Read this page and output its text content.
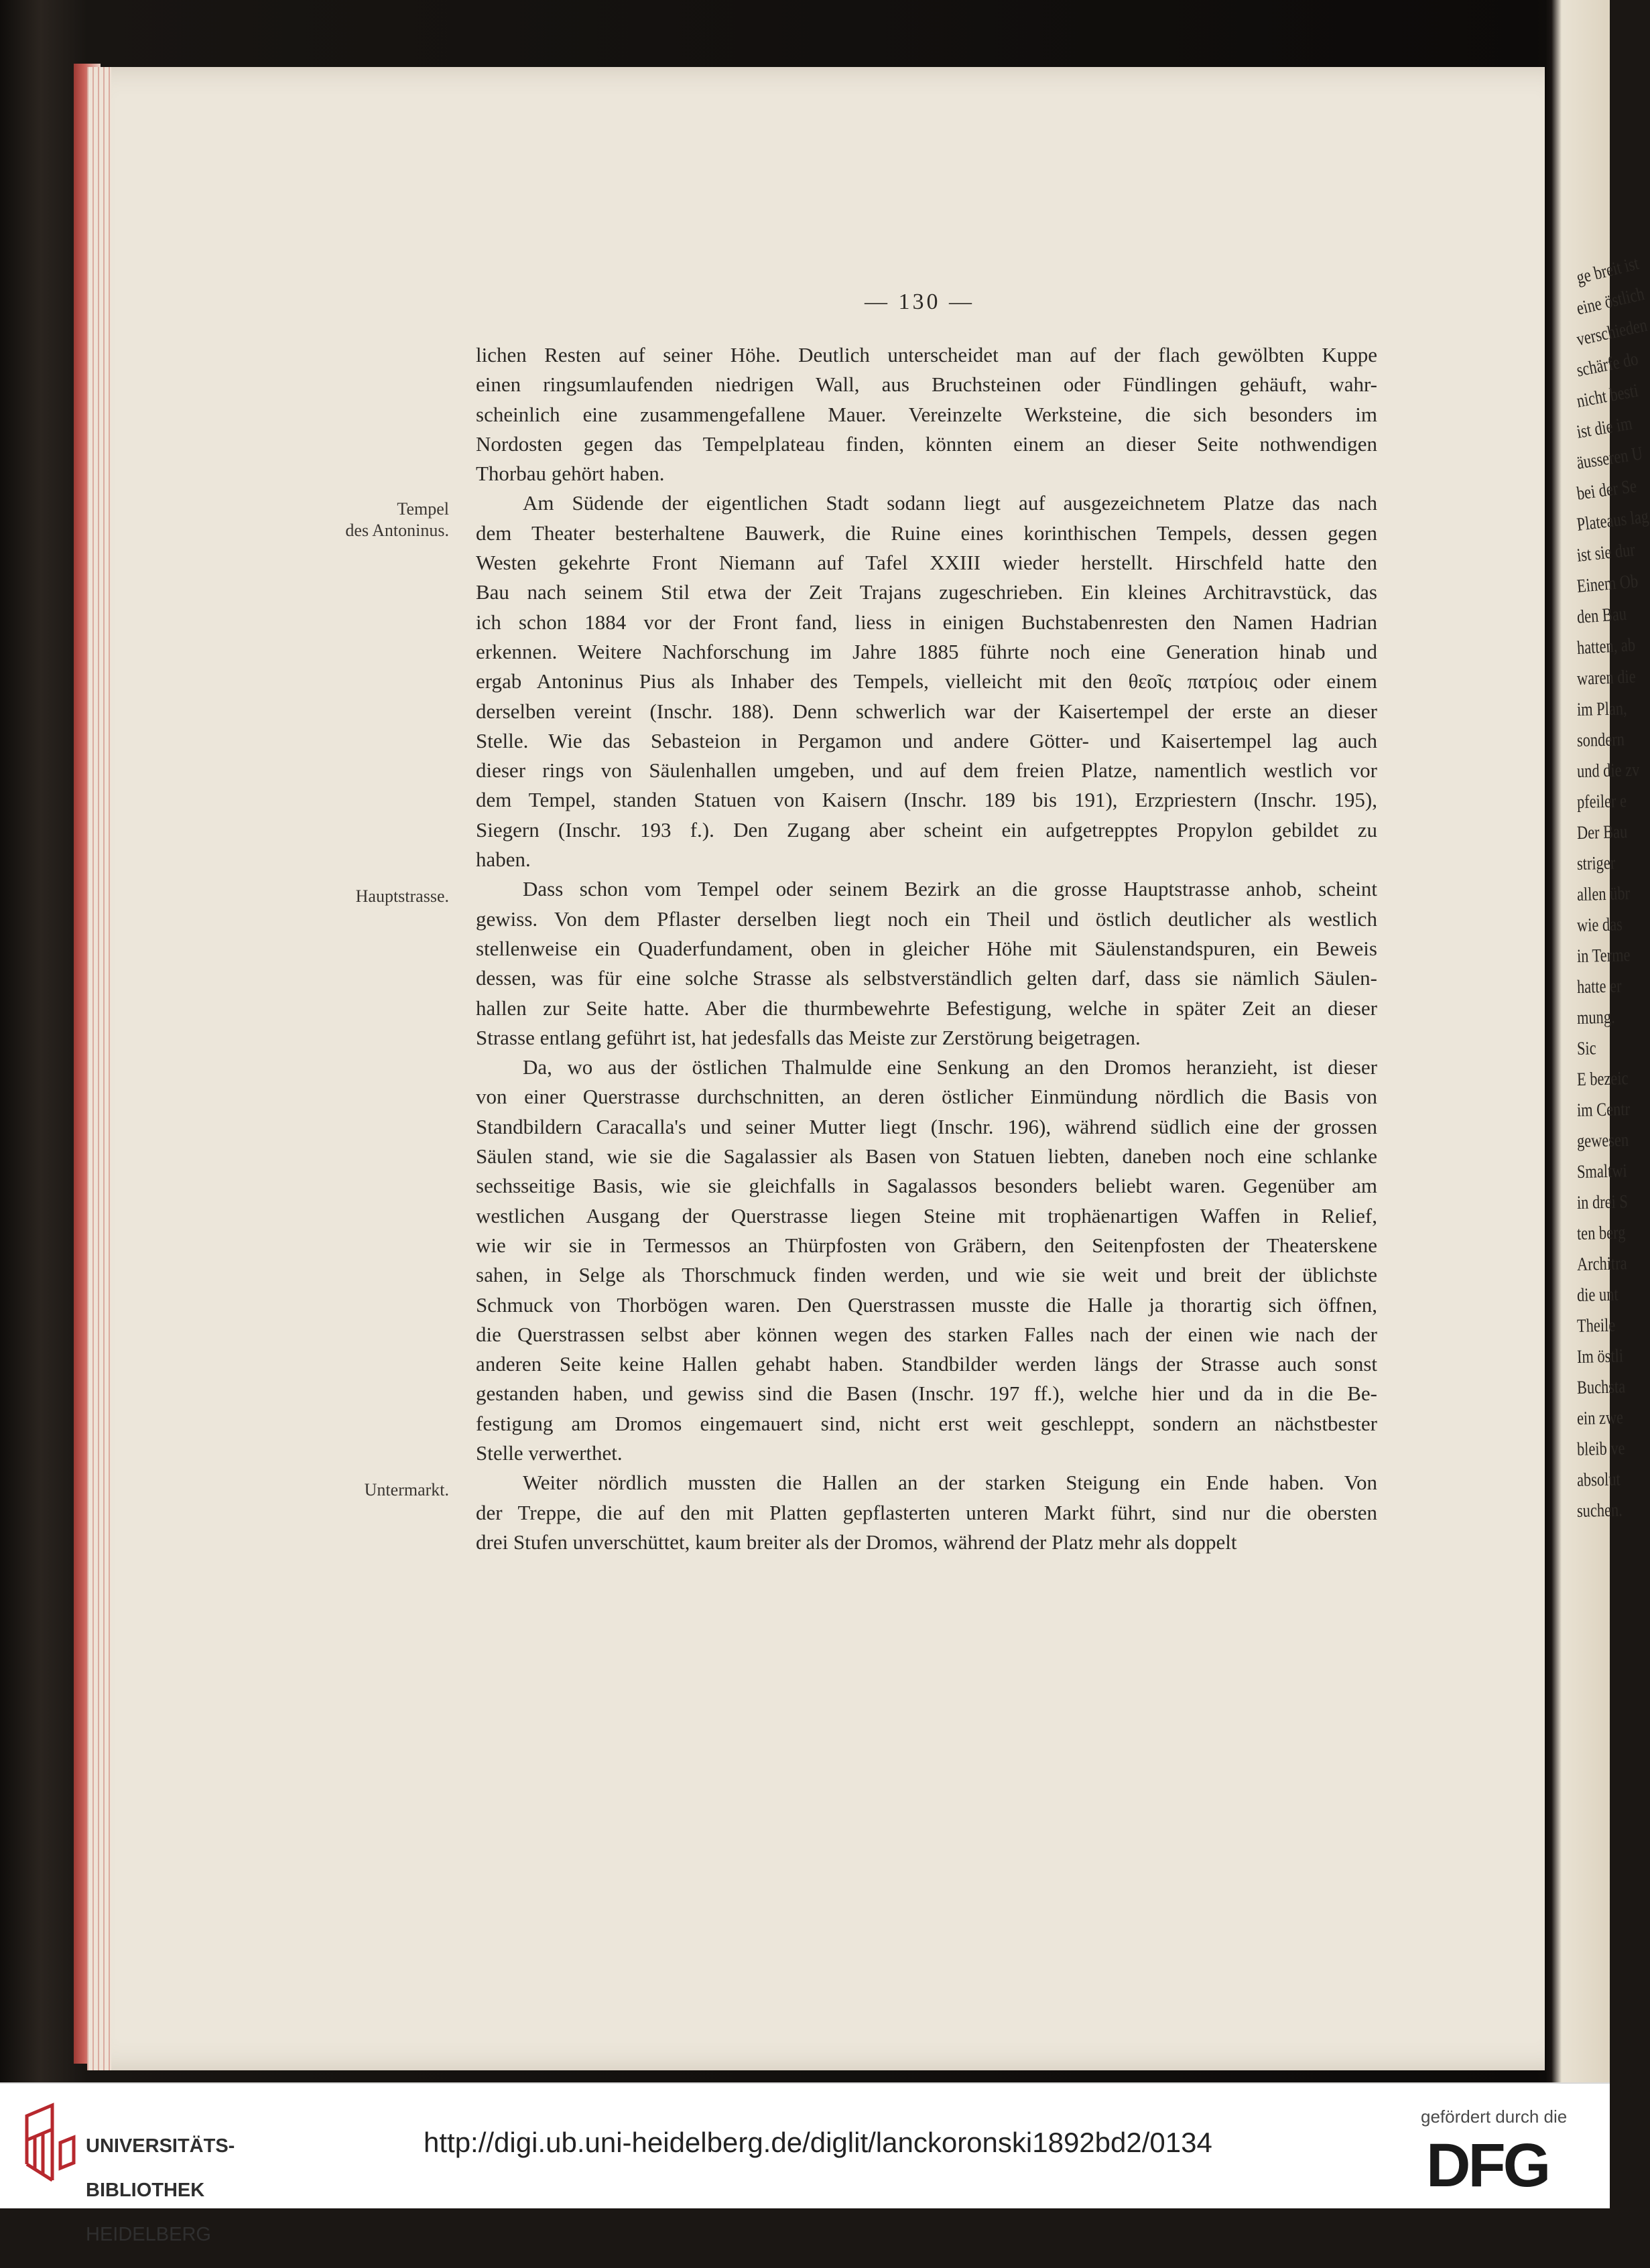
ge breit ist
eine östlich
verschieden
schärfe do
nicht besti
ist die im
äusseren U
bei der Se
Plateaus lag
ist sie dur
Einem Ob
den Bau
hatten, ab
waren die
im Plan,
sondern
und die zv
pfeiler e
Der Bau
striger
allen übr
wie das
in Terme
hatte er
mung.
Sic
E bezeic
im Centr
gewesen
Smaltwi
in drei S
ten berg
Architra
die unt
Theile
Im östli
Buchsta
ein zwe
bleib ve
absolut
suchen.
— 130 —
lichen Resten auf seiner Höhe. Deutlich unterscheidet man auf der flach gewölbten Kuppe
einen ringsumlaufenden niedrigen Wall, aus Bruchsteinen oder Fündlingen gehäuft, wahr-
scheinlich eine zusammengefallene Mauer. Vereinzelte Werksteine, die sich besonders im
Nordosten gegen das Tempelplateau finden, könnten einem an dieser Seite nothwendigen
Thorbau gehört haben.
Am Südende der eigentlichen Stadt sodann liegt auf ausgezeichnetem Platze das nach
dem Theater besterhaltene Bauwerk, die Ruine eines korinthischen Tempels, dessen gegen
Westen gekehrte Front Niemann auf Tafel XXIII wieder herstellt. Hirschfeld hatte den
Bau nach seinem Stil etwa der Zeit Trajans zugeschrieben. Ein kleines Architravstück, das
ich schon 1884 vor der Front fand, liess in einigen Buchstabenresten den Namen Hadrian
erkennen. Weitere Nachforschung im Jahre 1885 führte noch eine Generation hinab und
ergab Antoninus Pius als Inhaber des Tempels, vielleicht mit den θεοῖς πατρίοις oder einem
derselben vereint (Inschr. 188). Denn schwerlich war der Kaisertempel der erste an dieser
Stelle. Wie das Sebasteion in Pergamon und andere Götter- und Kaisertempel lag auch
dieser rings von Säulenhallen umgeben, und auf dem freien Platze, namentlich westlich vor
dem Tempel, standen Statuen von Kaisern (Inschr. 189 bis 191), Erzpriestern (Inschr. 195),
Siegern (Inschr. 193 f.). Den Zugang aber scheint ein aufgetrepptes Propylon gebildet zu
haben.
Dass schon vom Tempel oder seinem Bezirk an die grosse Hauptstrasse anhob, scheint
gewiss. Von dem Pflaster derselben liegt noch ein Theil und östlich deutlicher als westlich
stellenweise ein Quaderfundament, oben in gleicher Höhe mit Säulenstandspuren, ein Beweis
dessen, was für eine solche Strasse als selbstverständlich gelten darf, dass sie nämlich Säulen-
hallen zur Seite hatte. Aber die thurmbewehrte Befestigung, welche in später Zeit an dieser
Strasse entlang geführt ist, hat jedesfalls das Meiste zur Zerstörung beigetragen.
Da, wo aus der östlichen Thalmulde eine Senkung an den Dromos heranzieht, ist dieser
von einer Querstrasse durchschnitten, an deren östlicher Einmündung nördlich die Basis von
Standbildern Caracalla's und seiner Mutter liegt (Inschr. 196), während südlich eine der grossen
Säulen stand, wie sie die Sagalassier als Basen von Statuen liebten, daneben noch eine schlanke
sechsseitige Basis, wie sie gleichfalls in Sagalassos besonders beliebt waren. Gegenüber am
westlichen Ausgang der Querstrasse liegen Steine mit trophäenartigen Waffen in Relief,
wie wir sie in Termessos an Thürpfosten von Gräbern, den Seitenpfosten der Theaterskene
sahen, in Selge als Thorschmuck finden werden, und wie sie weit und breit der üblichste
Schmuck von Thorbögen waren. Den Querstrassen musste die Halle ja thorartig sich öffnen,
die Querstrassen selbst aber können wegen des starken Falles nach der einen wie nach der
anderen Seite keine Hallen gehabt haben. Standbilder werden längs der Strasse auch sonst
gestanden haben, und gewiss sind die Basen (Inschr. 197 ff.), welche hier und da in die Be-
festigung am Dromos eingemauert sind, nicht erst weit geschleppt, sondern an nächstbester
Stelle verwerthet.
Weiter nördlich mussten die Hallen an der starken Steigung ein Ende haben. Von
der Treppe, die auf den mit Platten gepflasterten unteren Markt führt, sind nur die obersten
drei Stufen unverschüttet, kaum breiter als der Dromos, während der Platz mehr als doppelt
Tempel
des Antoninus.
Hauptstrasse.
Untermarkt.

UNIVERSITÄTS-

BIBLIOTHEK

HEIDELBERG

http://digi.ub.uni-heidelberg.de/diglit/lanckoronski1892bd2/0134
gefördert durch die
DFG
